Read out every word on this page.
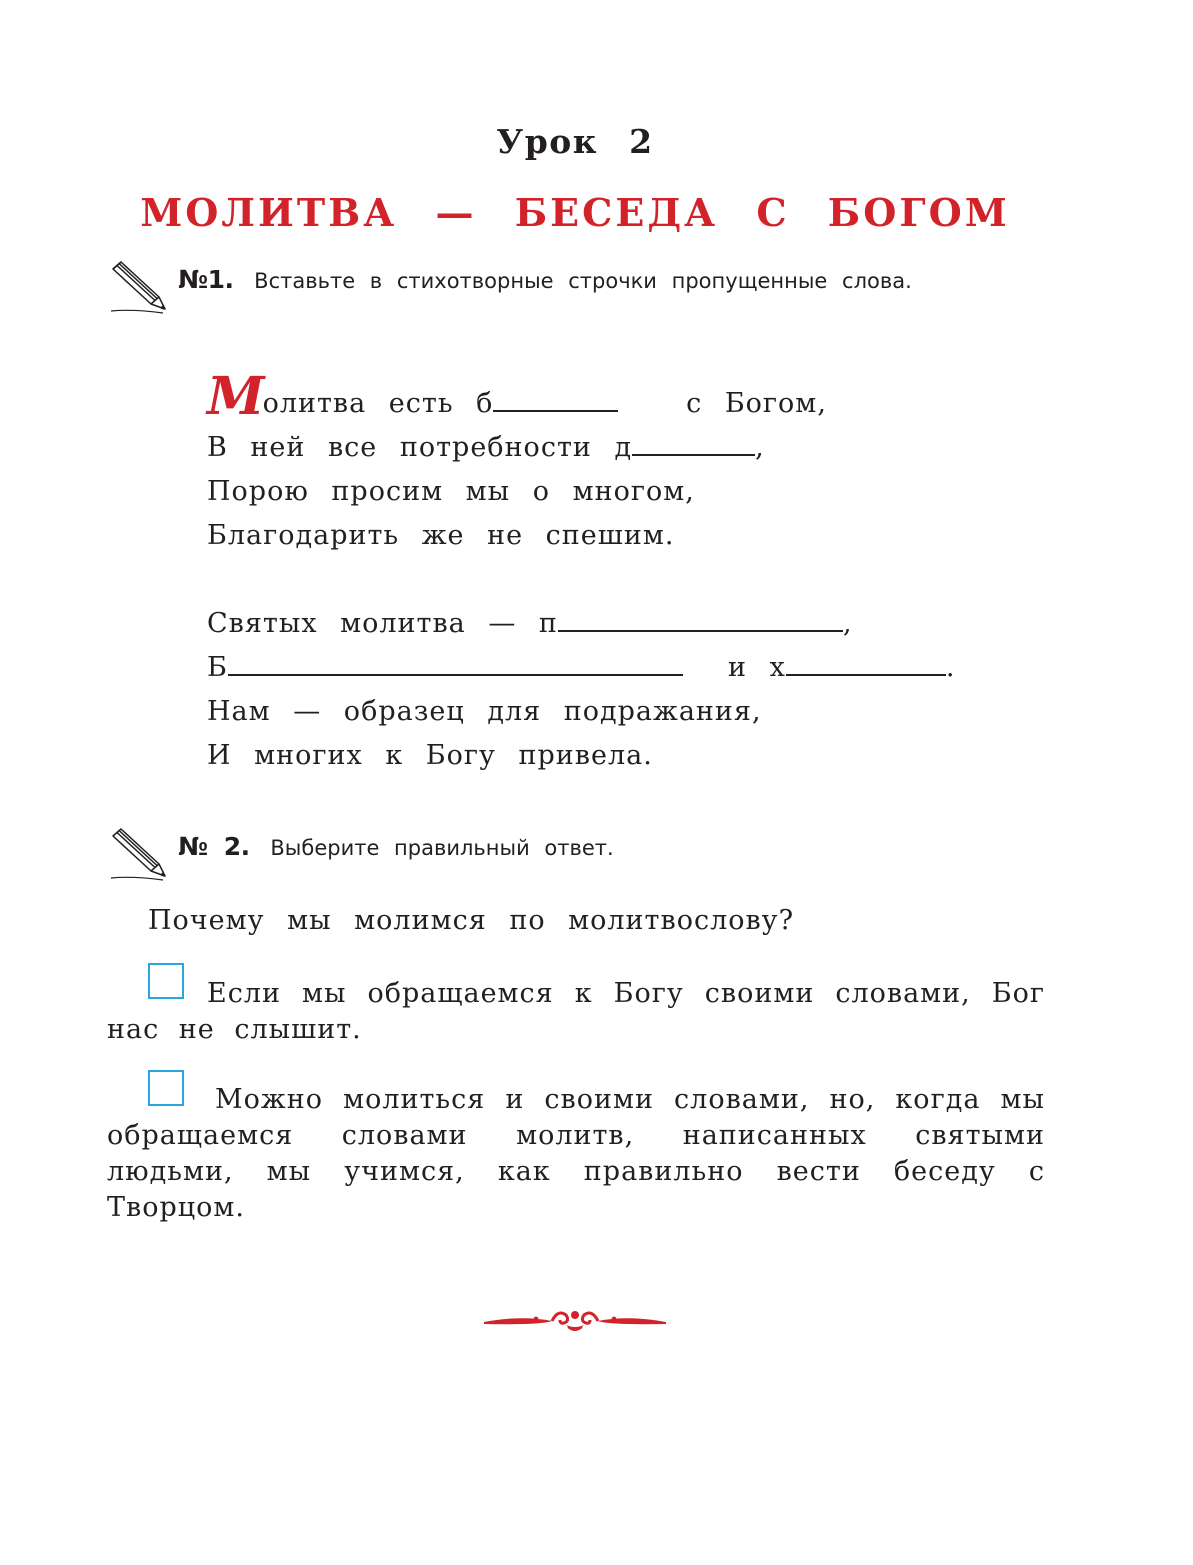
Урок 2
МОЛИТВА — БЕСЕДА С БОГОМ
№1. Вставьте в стихотворные строчки пропущенные слова.
Молитва есть б	с Богом,
В ней все потребности д	,
Порою просим мы о многом,
Благодарить же не спешим.
Святых молитва — п	,
Б	и х	.
Нам — образец для подражания,
И многих к Богу привела.
№ 2. Выберите правильный ответ.
Почему мы молимся по молитвослову?
Если мы обращаемся к Богу своими словами, Бог нас не слышит.
Можно молиться и своими словами, но, когда мы обращаемся словами молитв, написанных святыми людьми, мы учимся, как правильно вести беседу с Творцом.
